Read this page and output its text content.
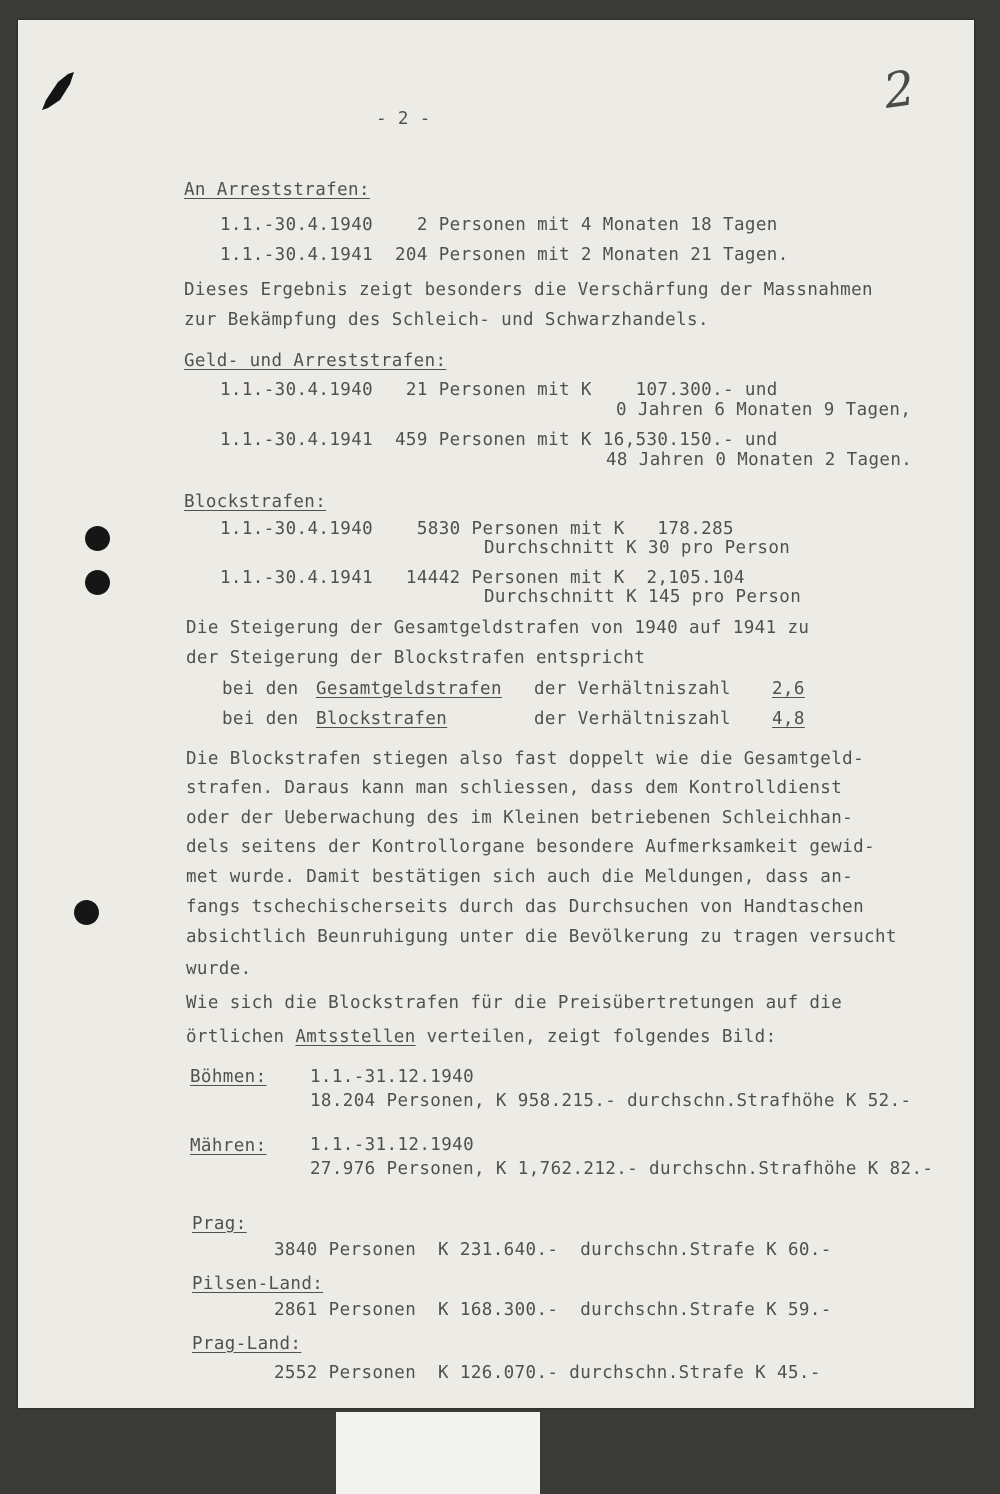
2
- 2 -
An Arreststrafen:
1.1.-30.4.1940    2 Personen mit 4 Monaten 18 Tagen
1.1.-30.4.1941  204 Personen mit 2 Monaten 21 Tagen.
Dieses Ergebnis zeigt besonders die Verschärfung der Massnahmen
zur Bekämpfung des Schleich- und Schwarzhandels.
Geld- und Arreststrafen:
1.1.-30.4.1940   21 Personen mit K    107.300.- und
0 Jahren 6 Monaten 9 Tagen,
1.1.-30.4.1941  459 Personen mit K 16,530.150.- und
48 Jahren 0 Monaten 2 Tagen.
Blockstrafen:
1.1.-30.4.1940    5830 Personen mit K   178.285
Durchschnitt K 30 pro Person
1.1.-30.4.1941   14442 Personen mit K  2,105.104
Durchschnitt K 145 pro Person
Die Steigerung der Gesamtgeldstrafen von 1940 auf 1941 zu
der Steigerung der Blockstrafen entspricht
bei den Gesamtgeldstrafen der Verhältniszahl 2,6
bei den Blockstrafen	der Verhältniszahl 4,8
Die Blockstrafen stiegen also fast doppelt wie die Gesamtgeld-
strafen. Daraus kann man schliessen, dass dem Kontrolldienst
oder der Ueberwachung des im Kleinen betriebenen Schleichhan-
dels seitens der Kontrollorgane besondere Aufmerksamkeit gewid-
met wurde. Damit bestätigen sich auch die Meldungen, dass an-
fangs tschechischerseits durch das Durchsuchen von Handtaschen
absichtlich Beunruhigung unter die Bevölkerung zu tragen versucht
wurde.
Wie sich die Blockstrafen für die Preisübertretungen auf die
örtlichen Amtsstellen verteilen, zeigt folgendes Bild:
Böhmen: 1.1.-31.12.1940
18.204 Personen, K 958.215.- durchschn.Strafhöhe K 52.-
Mähren: 1.1.-31.12.1940
27.976 Personen, K 1,762.212.- durchschn.Strafhöhe K 82.-
Prag:
3840 Personen  K 231.640.-  durchschn.Strafe K 60.-
Pilsen-Land:
2861 Personen  K 168.300.-  durchschn.Strafe K 59.-
Prag-Land:
2552 Personen  K 126.070.- durchschn.Strafe K 45.-
